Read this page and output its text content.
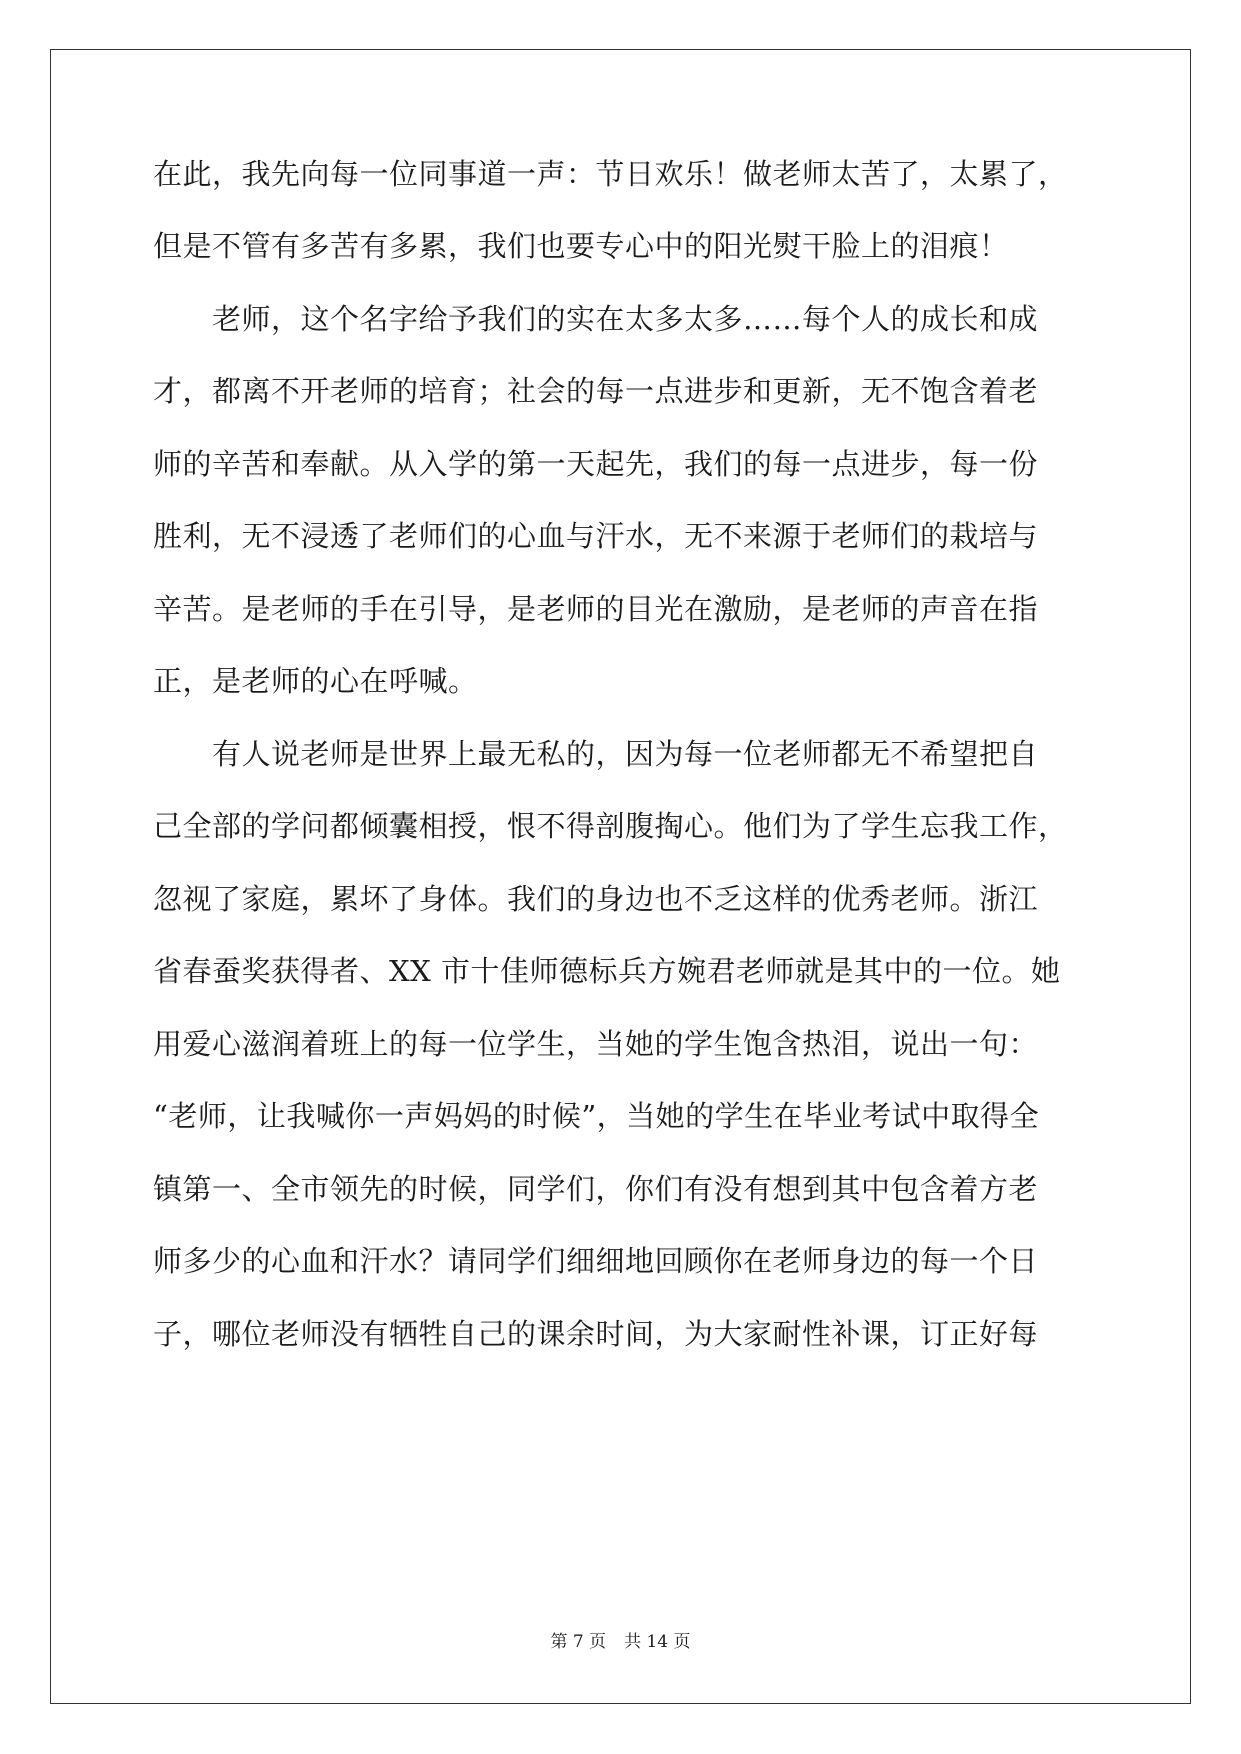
在此，我先向每一位同事道一声：节日欢乐！做老师太苦了，太累了，
但是不管有多苦有多累，我们也要专心中的阳光熨干脸上的泪痕！
老师，这个名字给予我们的实在太多太多……每个人的成长和成
才，都离不开老师的培育；社会的每一点进步和更新，无不饱含着老
师的辛苦和奉献。从入学的第一天起先，我们的每一点进步，每一份
胜利，无不浸透了老师们的心血与汗水，无不来源于老师们的栽培与
辛苦。是老师的手在引导，是老师的目光在激励，是老师的声音在指
正，是老师的心在呼喊。
有人说老师是世界上最无私的，因为每一位老师都无不希望把自
己全部的学问都倾囊相授，恨不得剖腹掏心。他们为了学生忘我工作，
忽视了家庭，累坏了身体。我们的身边也不乏这样的优秀老师。浙江
省春蚕奖获得者、XX 市十佳师德标兵方婉君老师就是其中的一位。她
用爱心滋润着班上的每一位学生，当她的学生饱含热泪，说出一句：
“老师，让我喊你一声妈妈的时候”，当她的学生在毕业考试中取得全
镇第一、全市领先的时候，同学们，你们有没有想到其中包含着方老
师多少的心血和汗水？请同学们细细地回顾你在老师身边的每一个日
子，哪位老师没有牺牲自己的课余时间，为大家耐性补课，订正好每
第 7 页 共 14 页
